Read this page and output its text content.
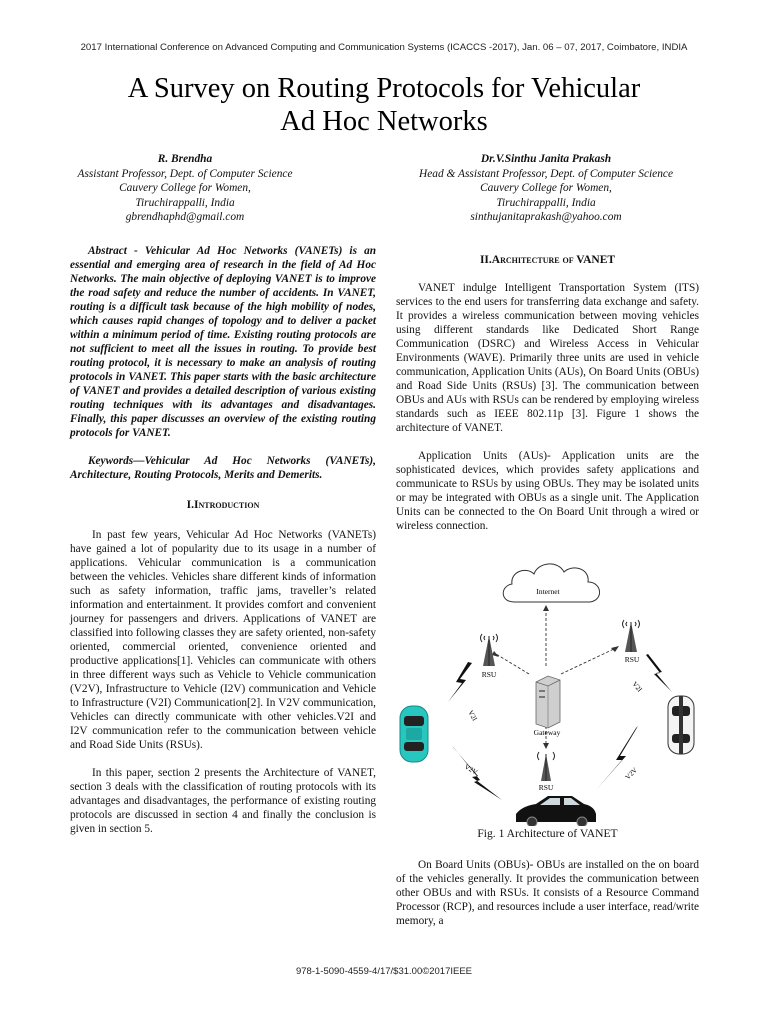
2017 International Conference on Advanced Computing and Communication Systems (ICACCS -2017), Jan. 06 – 07, 2017, Coimbatore, INDIA
A Survey on Routing Protocols for Vehicular
Ad Hoc Networks
R. Brendha
Assistant Professor, Dept. of Computer Science
Cauvery College for Women,
Tiruchirappalli, India
gbrendhaphd@gmail.com
Dr.V.Sinthu Janita Prakash
Head & Assistant Professor, Dept. of Computer Science
Cauvery College for Women,
Tiruchirappalli, India
sinthujanitaprakash@yahoo.com

Abstract - Vehicular Ad Hoc Networks (VANETs) is an essential and emerging area of research in the field of Ad Hoc Networks. The main objective of deploying VANET is to improve the road safety and reduce the number of accidents. In VANET, routing is a difficult task because of the high mobility of nodes, which causes rapid changes of topology and to deliver a packet within a minimum period of time. Existing routing protocols are not sufficient to meet all the issues in routing. To provide best routing protocol, it is necessary to make an analysis of routing protocols in VANET. This paper starts with the basic architecture of VANET and provides a detailed description of various existing routing techniques with its advantages and disadvantages. Finally, this paper discusses an overview of the existing routing protocols for VANET.

Keywords—Vehicular Ad Hoc Networks (VANETs), Architecture, Routing Protocols, Merits and Demerits.

I.Introduction

In past few years, Vehicular Ad Hoc Networks (VANETs) have gained a lot of popularity due to its usage in a number of applications. Vehicular communication is a communication between the vehicles. Vehicles share different kinds of information such as safety information, traffic jams, traveller’s related information and entertainment. It provides comfort and convenient journey for passengers and drivers. Applications of VANET are classified into following classes they are safety oriented, non-safety oriented, commercial oriented, convenience oriented and productive applications[1]. Vehicles can communicate with others in three different ways such as Vehicle to Vehicle communication (V2V), Infrastructure to Vehicle (I2V) communication and Vehicle to Infrastructure (V2I) Communication[2]. In V2V communication, Vehicles can directly communicate with other vehicles.V2I and I2V communication refer to the communication between vehicle and Road Side Units (RSUs).

In this paper, section 2 presents the Architecture of VANET, section 3 deals with the classification of routing protocols with its advantages and disadvantages, the performance of existing routing protocols are discussed in section 4 and finally the conclusion is given in section 5.

II.Architecture of VANET

VANET indulge Intelligent Transportation System (ITS) services to the end users for transferring data exchange and safety. It provides a wireless communication between moving vehicles using different standards like Dedicated Short Range Communication (DSRC) and Wireless Access in Vehicular Environments (WAVE). Primarily three units are used in vehicle communication, Application Units (AUs), On Board Units (OBUs) and Road Side Units (RSUs) [3]. The communication between OBUs and AUs with RSUs can be rendered by employing wireless standards such as IEEE 802.11p [3]. Figure 1 shows the architecture of VANET.

Application Units (AUs)- Application units are the sophisticated devices, which provides safety applications and communicate to RSUs by using OBUs. They may be isolated units or may be integrated with OBUs as a single unit. The Application Units can be connected to the On Board Unit through a wired or wireless connection.

Internet
RSU
RSU
RSU
Gateway
V2I
V2I
V2V	V2V
Fig. 1 Architecture of VANET

On Board Units (OBUs)- OBUs are installed on the on board of the vehicles generally. It provides the communication between other OBUs and with RSUs. It consists of a Resource Command Processor (RCP), and resources include a user interface, read/write memory, a

978-1-5090-4559-4/17/$31.00©2017IEEE
